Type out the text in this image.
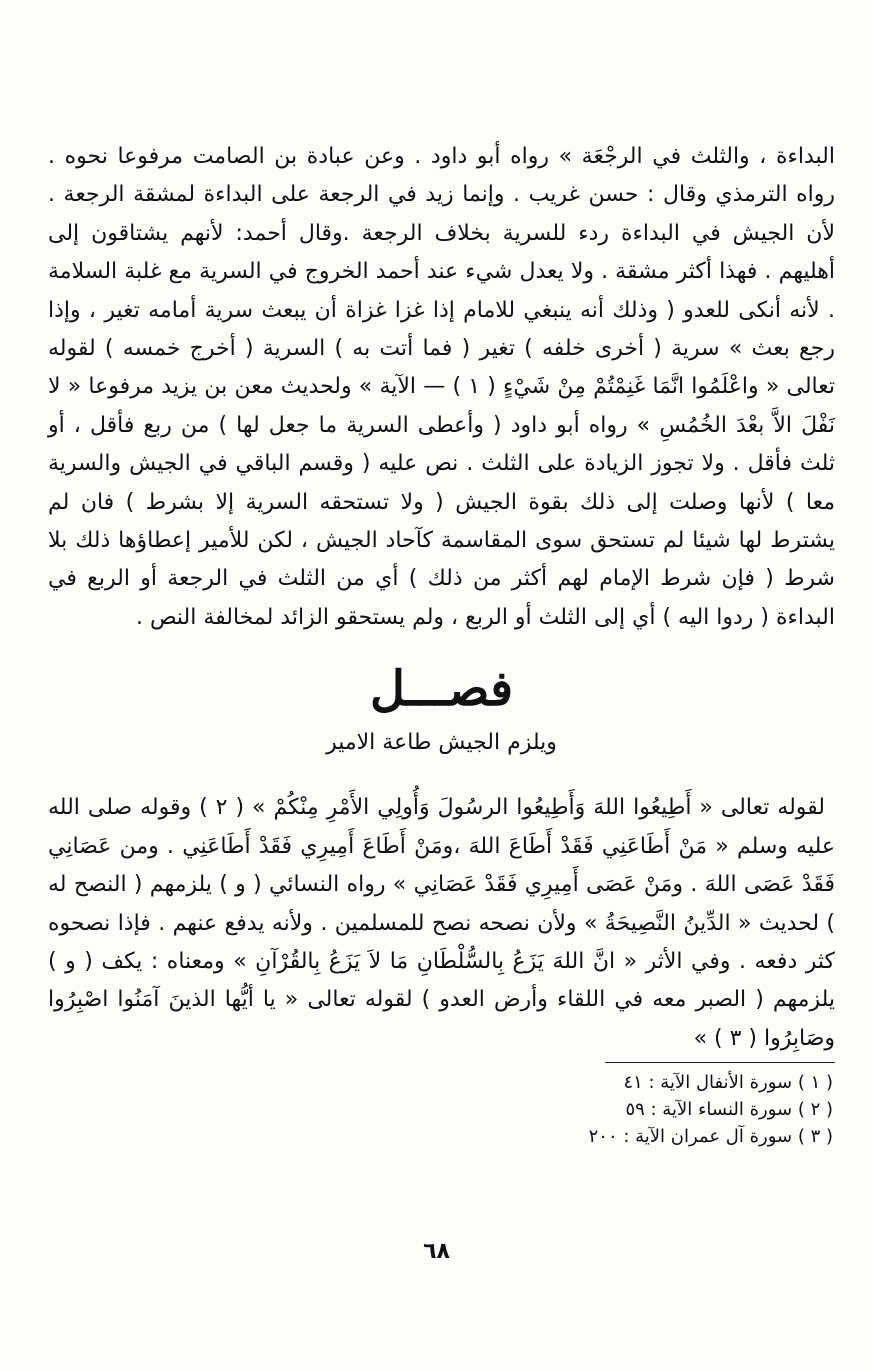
البداءة ، والثلث في الرجْعَة » رواه أبو داود . وعن عبادة بن الصامت مرفوعا نحوه . رواه الترمذي وقال : حسن غريب . وإنما زيد في الرجعة على البداءة لمشقة الرجعة . لأن الجيش في البداءة ردء للسرية بخلاف الرجعة .وقال أحمد: لأنهم يشتاقون إلى أهليهم . فهذا أكثر مشقة . ولا يعدل شيء عند أحمد الخروج في السرية مع غلبة السلامة . لأنه أنكى للعدو ( وذلك أنه ينبغي للامام إذا غزا غزاة أن يبعث سرية أمامه تغير ، وإذا رجع بعث » سرية ( أخرى خلفه ) تغير ( فما أتت به ) السرية ( أخرج خمسه ) لقوله تعالى « واعْلَمُوا انَّمَا غَنِمْتُمْ مِنْ شَيْءٍ ( ١ ) — الآية » ولحديث معن بن يزيد مرفوعا « لا نَفْلَ الاَّ بعْدَ الخُمُسِ » رواه أبو داود ( وأعطى السرية ما جعل لها ) من ربع فأقل ، أو ثلث فأقل . ولا تجوز الزيادة على الثلث . نص عليه ( وقسم الباقي في الجيش والسرية معا ) لأنها وصلت إلى ذلك بقوة الجيش ( ولا تستحقه السرية إلا بشرط ) فان لم يشترط لها شيئا لم تستحق سوى المقاسمة كآحاد الجيش ، لكن للأمير إعطاؤها ذلك بلا شرط ( فإن شرط الإمام لهم أكثر من ذلك ) أي من الثلث في الرجعة أو الربع في البداءة ( ردوا اليه ) أي إلى الثلث أو الربع ، ولم يستحقو الزائد لمخالفة النص .

فصـــل
ويلزم الجيش طاعة الامير

لقوله تعالى « أَطِيعُوا اللهَ وَأَطِيعُوا الرسُولَ وَأُولِي الأَمْرِ مِنْكُمْ » ( ٢ ) وقوله صلى الله عليه وسلم « مَنْ أَطَاعَنِي فَقَدْ أَطَاعَ اللهَ ،ومَنْ أَطَاعَ أَمِيرِي فَقَدْ أَطَاعَنِي . ومن عَصَانِي فَقَدْ عَصَى اللهَ . ومَنْ عَصَى أَمِيرِي فَقَدْ عَصَانِي » رواه النسائي ( و ) يلزمهم ( النصح له ) لحديث « الدِّينُ النَّصِيحَةُ » ولأن نصحه نصح للمسلمين . ولأنه يدفع عنهم . فإذا نصحوه كثر دفعه . وفي الأثر « انَّ اللهَ يَزَعُ بِالسُّلْطَانِ مَا لاَ يَزَعُ بِالقُرْآنِ » ومعناه : يكف ( و ) يلزمهم ( الصبر معه في اللقاء وأرض العدو ) لقوله تعالى « يا أيُّها الذينَ آمَنُوا اصْبِرُوا وصَابِرُوا ( ٣ ) »

( ١ ) سورة الأنفال الآية : ٤١
( ٢ ) سورة النساء الآية : ٥٩
( ٣ ) سورة آل عمران الآية : ٢٠٠
٦٨
